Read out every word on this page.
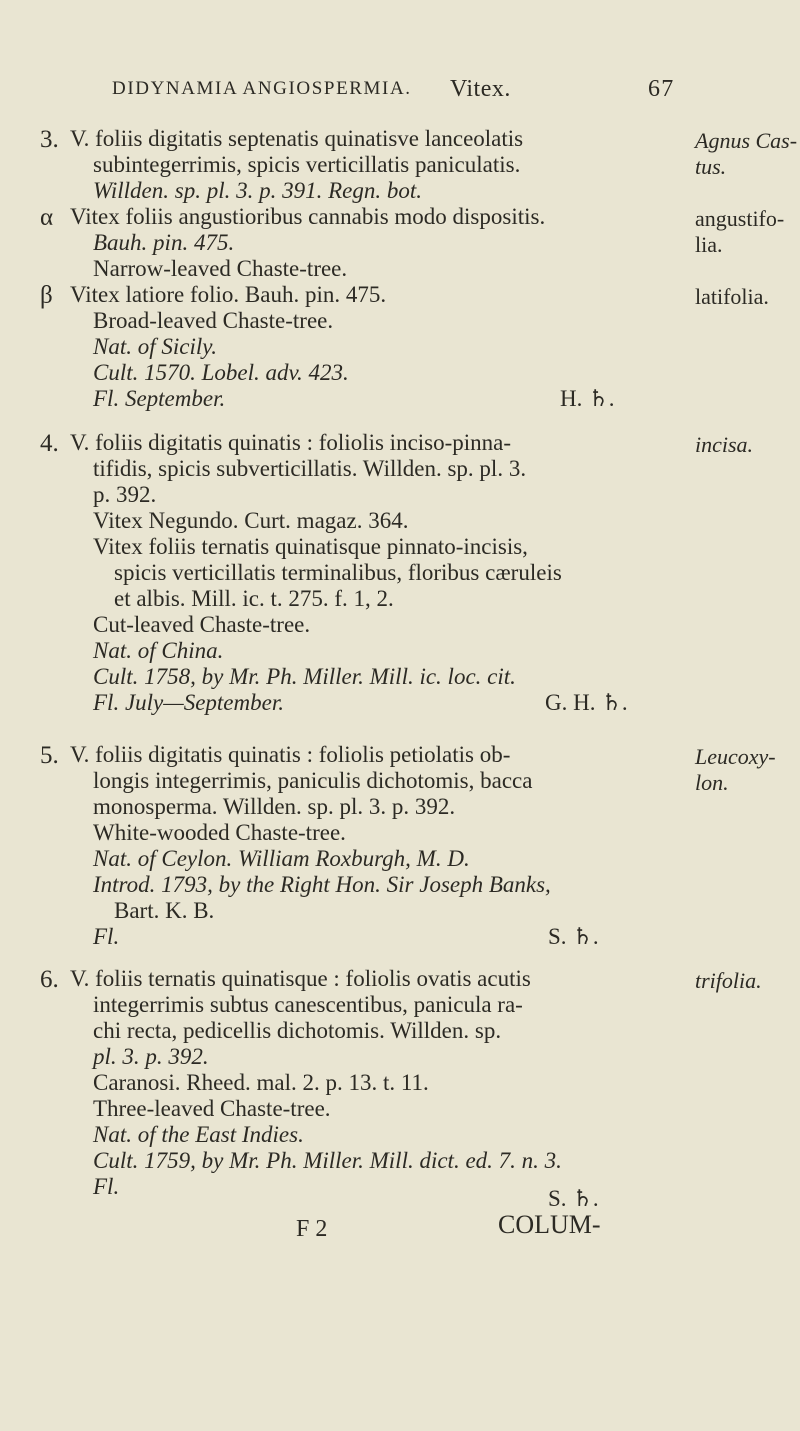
DIDYNAMIA ANGIOSPERMIA. Vitex.	67
3. V. foliis digitatis septenatis quinatisve lanceolatis
subintegerrimis, spicis verticillatis paniculatis.
Willden. sp. pl. 3. p. 391. Regn. bot.
Agnus Cas-
tus.
α Vitex foliis angustioribus cannabis modo dispositis.
Bauh. pin. 475.
Narrow-leaved Chaste-tree.
angustifo-
lia.
β Vitex latiore folio. Bauh. pin. 475.
Broad-leaved Chaste-tree.
Nat. of Sicily.
Cult. 1570. Lobel. adv. 423.
Fl. September.
latifolia.
H. ♄.
4. V. foliis digitatis quinatis : foliolis inciso-pinna-
tifidis, spicis subverticillatis. Willden. sp. pl. 3.
p. 392.
Vitex Negundo. Curt. magaz. 364.
Vitex foliis ternatis quinatisque pinnato-incisis,
spicis verticillatis terminalibus, floribus cæruleis
et albis. Mill. ic. t. 275. f. 1, 2.
Cut-leaved Chaste-tree.
Nat. of China.
Cult. 1758, by Mr. Ph. Miller. Mill. ic. loc. cit.
Fl. July—September.
incisa.
G. H. ♄.
5. V. foliis digitatis quinatis : foliolis petiolatis ob-
longis integerrimis, paniculis dichotomis, bacca
monosperma. Willden. sp. pl. 3. p. 392.
White-wooded Chaste-tree.
Nat. of Ceylon. William Roxburgh, M. D.
Introd. 1793, by the Right Hon. Sir Joseph Banks,
Bart. K. B.
Fl.
Leucoxy-
lon.
S. ♄.
6. V. foliis ternatis quinatisque : foliolis ovatis acutis
integerrimis subtus canescentibus, panicula ra-
chi recta, pedicellis dichotomis. Willden. sp.
pl. 3. p. 392.
Caranosi. Rheed. mal. 2. p. 13. t. 11.
Three-leaved Chaste-tree.
Nat. of the East Indies.
Cult. 1759, by Mr. Ph. Miller. Mill. dict. ed. 7. n. 3.
Fl.
trifolia.
S. ♄.
F 2	COLUM-
